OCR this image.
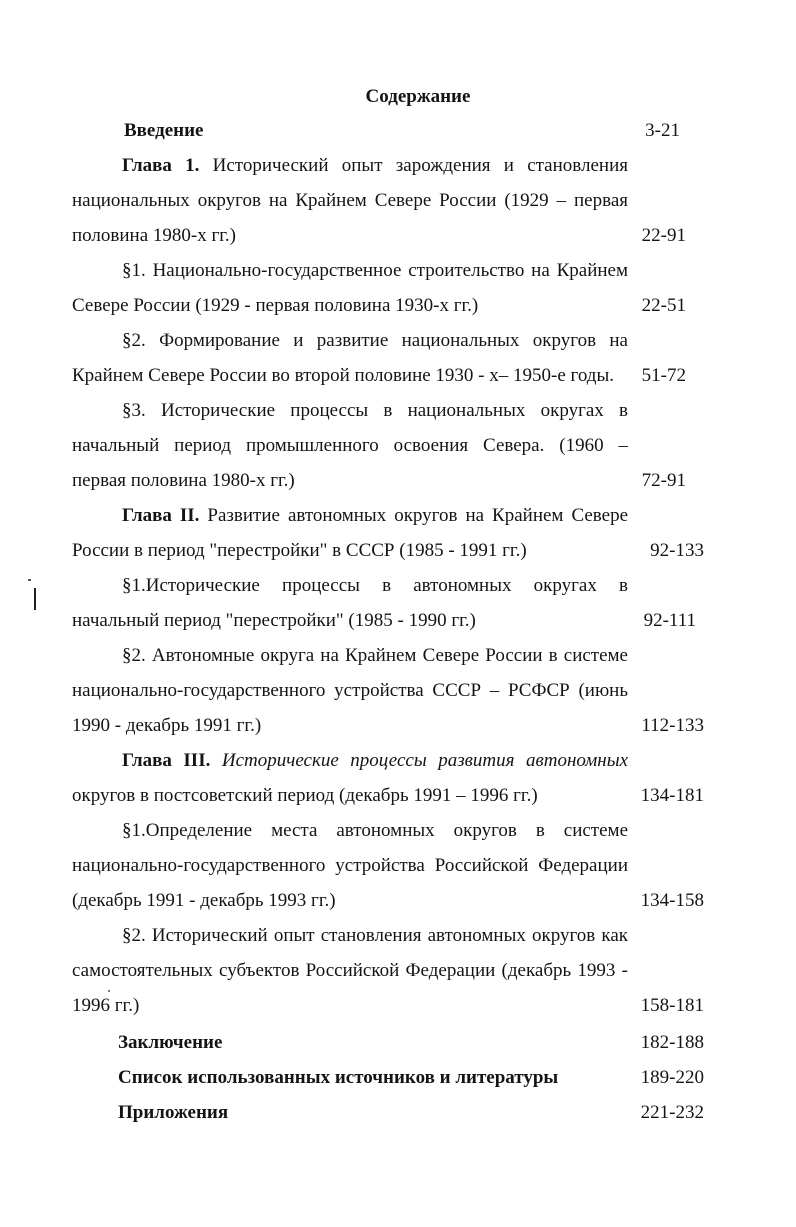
Содержание
Введение	3-21
Глава 1. Исторический опыт зарождения и становления
национальных округов на Крайнем Севере России (1929 – первая
половина 1980-х гг.)	22-91
§1. Национально-государственное строительство на Крайнем
Севере России (1929 - первая половина 1930-х гг.)	22-51
§2. Формирование и развитие национальных округов на
Крайнем Севере России во второй половине 1930 - х– 1950-е годы.	51-72
§3. Исторические процессы в национальных округах в
начальный период промышленного освоения Севера. (1960 –
первая половина 1980-х гг.)	72-91
Глава II. Развитие автономных округов на Крайнем Севере
России в период "перестройки" в СССР (1985 - 1991 гг.)	92-133
§1.Исторические процессы в автономных округах в
начальный период "перестройки" (1985 - 1990 гг.)	92-111
§2. Автономные округа на Крайнем Севере России в системе
национально-государственного устройства СССР – РСФСР (июнь
1990 - декабрь 1991 гг.)	112-133
Глава III. Исторические процессы развития автономных
округов в постсоветский период (декабрь 1991 – 1996 гг.)	134-181
§1.Определение места автономных округов в системе
национально-государственного устройства Российской Федерации
(декабрь 1991 - декабрь 1993 гг.)	134-158
§2. Исторический опыт становления автономных округов как
самостоятельных субъектов Российской Федерации (декабрь 1993 -
1996 гг.)	158-181
Заключение	182-188
Список использованных источников и литературы	189-220
Приложения	221-232
